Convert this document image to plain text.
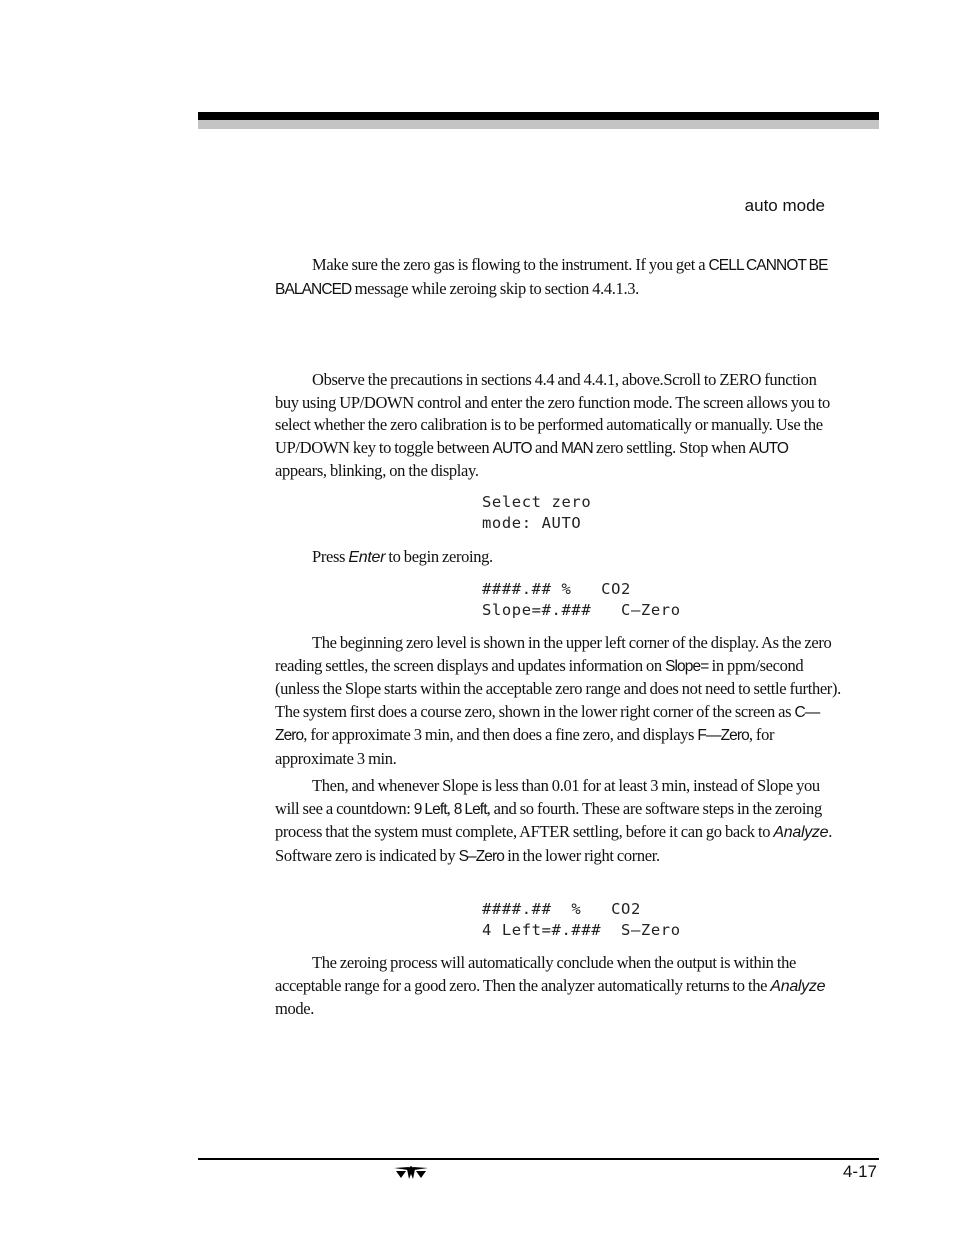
auto mode

Make sure the zero gas is flowing to the instrument. If you get a CELL CANNOT BE BALANCED message while zeroing skip to section 4.4.1.3.

Observe the precautions in sections 4.4 and 4.4.1, above.Scroll to ZERO function buy using UP/DOWN control and enter the zero function mode. The screen allows you to select whether the zero calibration is to be performed automatically or manually. Use the UP/DOWN key to toggle between AUTO and MAN zero settling. Stop when AUTO appears, blinking, on the display.

Select zero
mode: AUTO

Press Enter to begin zeroing.

####.## %   CO2
Slope=#.###   C—Zero

The beginning zero level is shown in the upper left corner of the display. As the zero reading settles, the screen displays and updates information on Slope= in ppm/second (unless the Slope starts within the acceptable zero range and does not need to settle further). The system first does a course zero, shown in the lower right corner of the screen as C—Zero, for approximate 3 min, and then does a fine zero, and displays F—Zero, for approximate 3 min.

Then, and whenever Slope is less than 0.01 for at least 3 min, instead of Slope you will see a countdown: 9 Left, 8 Left, and so fourth. These are software steps in the zeroing process that the system must complete, AFTER settling, before it can go back to Analyze. Software zero is indicated by S–Zero in the lower right corner.

####.##  %   CO2
4 Left=#.###  S—Zero

The zeroing process will automatically conclude when the output is within the acceptable range for a good zero. Then the analyzer automatically returns to the Analyze mode.

4-17
